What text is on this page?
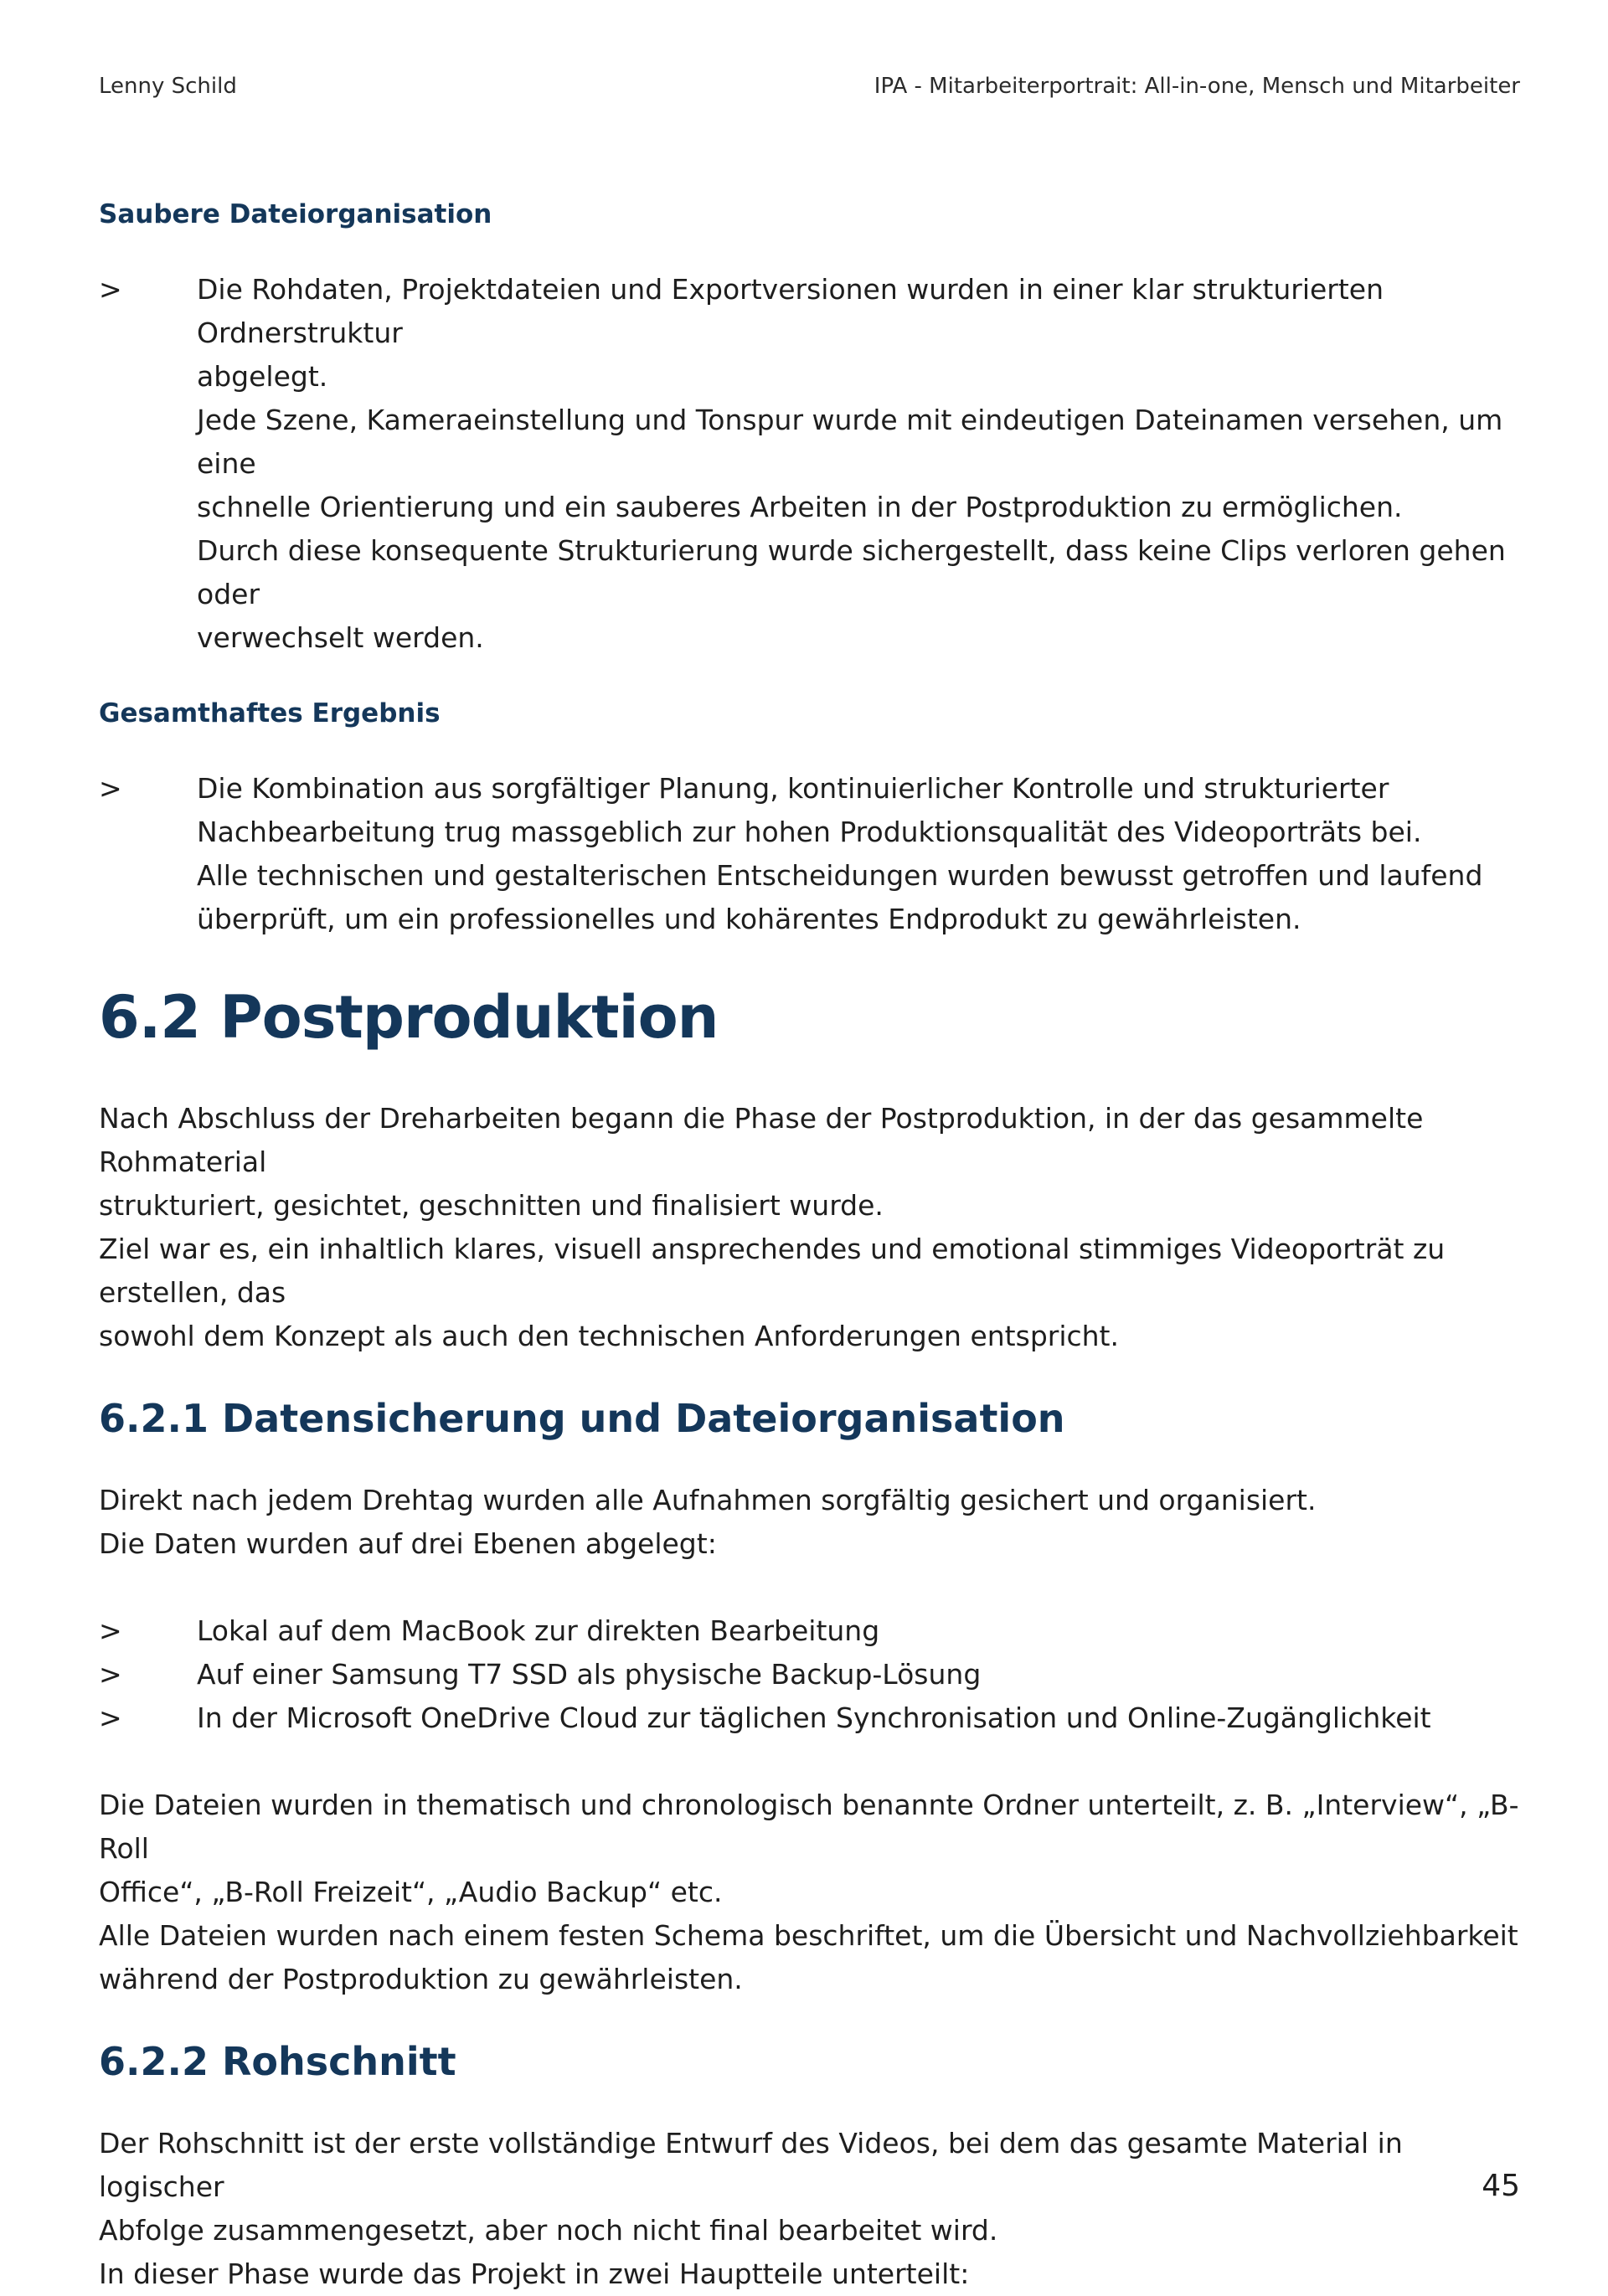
Lenny Schild	IPA - Mitarbeiterportrait: All-in-one, Mensch und Mitarbeiter
Saubere Dateiorganisation
>	Die Rohdaten, Projektdateien und Exportversionen wurden in einer klar strukturierten Ordnerstruktur
abgelegt.
Jede Szene, Kameraeinstellung und Tonspur wurde mit eindeutigen Dateinamen versehen, um eine
schnelle Orientierung und ein sauberes Arbeiten in der Postproduktion zu ermöglichen.
Durch diese konsequente Strukturierung wurde sichergestellt, dass keine Clips verloren gehen oder
verwechselt werden.
Gesamthaftes Ergebnis
>	Die Kombination aus sorgfältiger Planung, kontinuierlicher Kontrolle und strukturierter
Nachbearbeitung trug massgeblich zur hohen Produktionsqualität des Videoporträts bei.
Alle technischen und gestalterischen Entscheidungen wurden bewusst getroffen und laufend
überprüft, um ein professionelles und kohärentes Endprodukt zu gewährleisten.
6.2 Postproduktion
Nach Abschluss der Dreharbeiten begann die Phase der Postproduktion, in der das gesammelte Rohmaterial
strukturiert, gesichtet, geschnitten und finalisiert wurde.
Ziel war es, ein inhaltlich klares, visuell ansprechendes und emotional stimmiges Videoporträt zu erstellen, das
sowohl dem Konzept als auch den technischen Anforderungen entspricht.
6.2.1 Datensicherung und Dateiorganisation
Direkt nach jedem Drehtag wurden alle Aufnahmen sorgfältig gesichert und organisiert.
Die Daten wurden auf drei Ebenen abgelegt:
>	Lokal auf dem MacBook zur direkten Bearbeitung
>	Auf einer Samsung T7 SSD als physische Backup-Lösung
>	In der Microsoft OneDrive Cloud zur täglichen Synchronisation und Online-Zugänglichkeit
Die Dateien wurden in thematisch und chronologisch benannte Ordner unterteilt, z. B. „Interview“, „B-Roll
Office“, „B-Roll Freizeit“, „Audio Backup“ etc.
Alle Dateien wurden nach einem festen Schema beschriftet, um die Übersicht und Nachvollziehbarkeit
während der Postproduktion zu gewährleisten.
6.2.2 Rohschnitt
Der Rohschnitt ist der erste vollständige Entwurf des Videos, bei dem das gesamte Material in logischer
Abfolge zusammengesetzt, aber noch nicht final bearbeitet wird.
In dieser Phase wurde das Projekt in zwei Hauptteile unterteilt:
45
